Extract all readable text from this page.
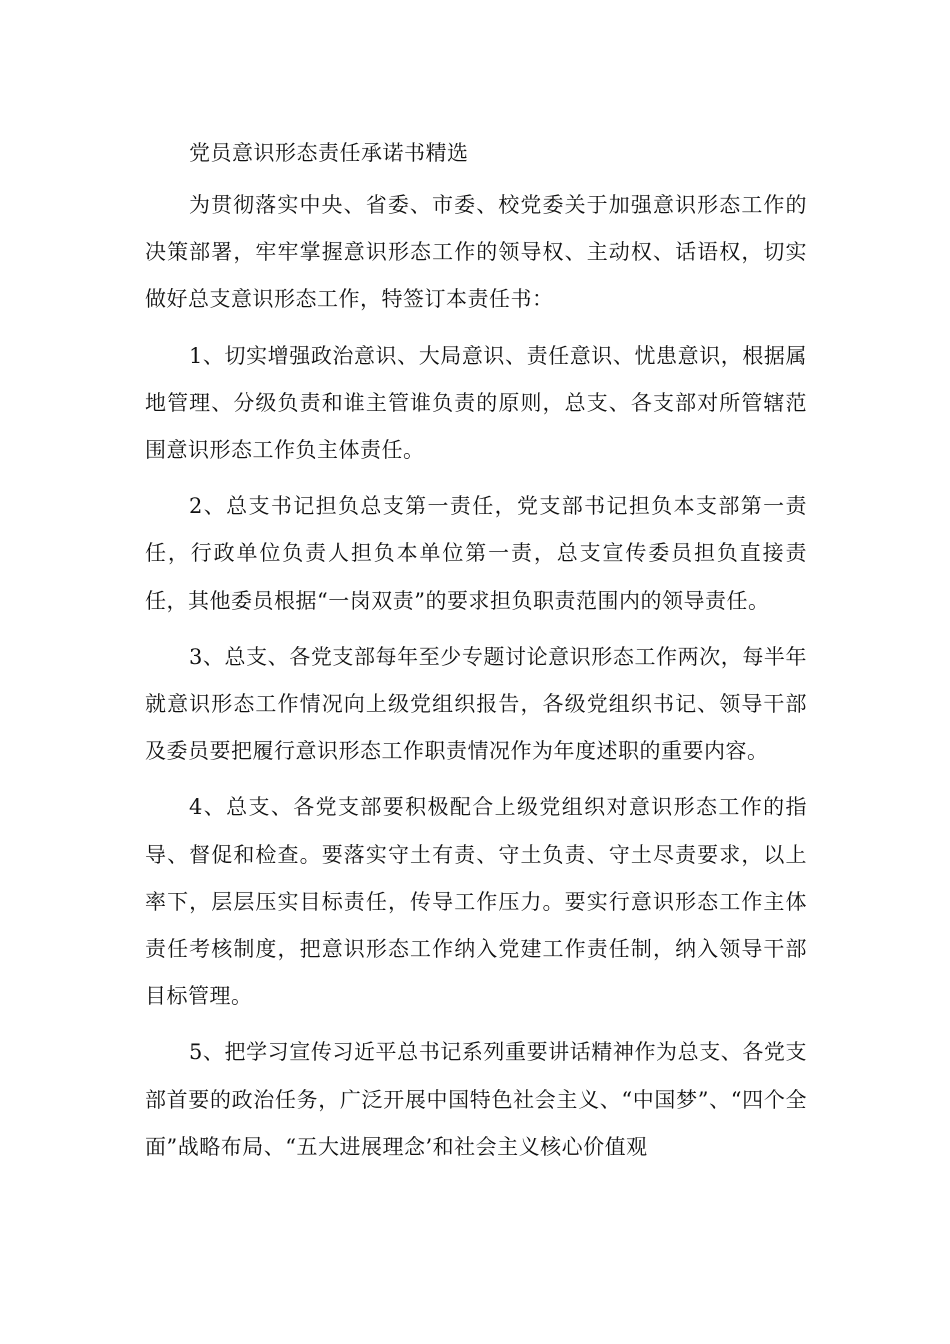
党员意识形态责任承诺书精选

为贯彻落实中央、省委、市委、校党委关于加强意识形态工作的决策部署，牢牢掌握意识形态工作的领导权、主动权、话语权，切实做好总支意识形态工作，特签订本责任书：

1、切实增强政治意识、大局意识、责任意识、忧患意识，根据属地管理、分级负责和谁主管谁负责的原则，总支、各支部对所管辖范围意识形态工作负主体责任。

2、总支书记担负总支第一责任，党支部书记担负本支部第一责任，行政单位负责人担负本单位第一责，总支宣传委员担负直接责任，其他委员根据“一岗双责”的要求担负职责范围内的领导责任。

3、总支、各党支部每年至少专题讨论意识形态工作两次，每半年就意识形态工作情况向上级党组织报告，各级党组织书记、领导干部及委员要把履行意识形态工作职责情况作为年度述职的重要内容。

4、总支、各党支部要积极配合上级党组织对意识形态工作的指导、督促和检查。要落实守土有责、守土负责、守土尽责要求，以上率下，层层压实目标责任，传导工作压力。要实行意识形态工作主体责任考核制度，把意识形态工作纳入党建工作责任制，纳入领导干部目标管理。

5、把学习宣传习近平总书记系列重要讲话精神作为总支、各党支部首要的政治任务，广泛开展中国特色社会主义、“中国梦”、“四个全面”战略布局、“五大进展理念’和社会主义核心价值观
